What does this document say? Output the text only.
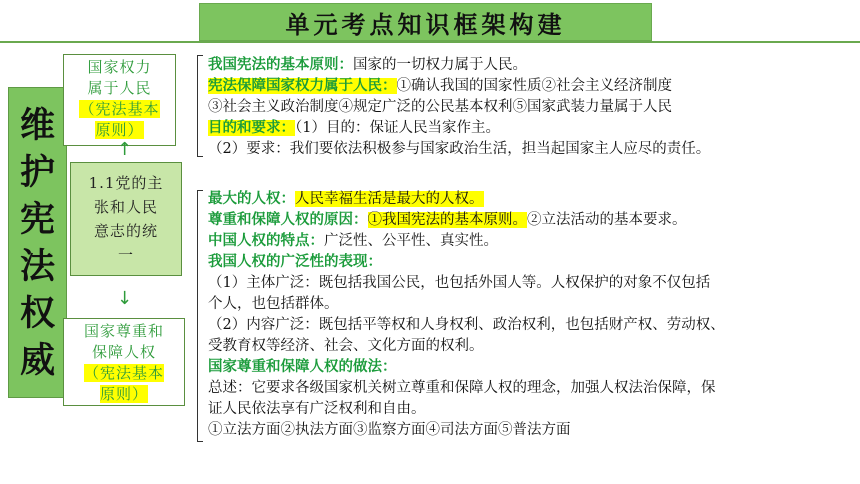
单元考点知识框架构建
维
护
宪
法
权
威
国家权力
属于人民
（宪法基本
原则）
↑
1.1党的主
张和人民
意志的统
一
↓
国家尊重和
保障人权
（宪法基本
原则）
我国宪法的基本原则：国家的一切权力属于人民。
宪法保障国家权力属于人民：①确认我国的国家性质②社会主义经济制度
③社会主义政治制度④规定广泛的公民基本权利⑤国家武装力量属于人民
目的和要求：（1）目的：保证人民当家作主。
（2）要求：我们要依法积极参与国家政治生活，担当起国家主人应尽的责任。
最大的人权：人民幸福生活是最大的人权。
尊重和保障人权的原因：①我国宪法的基本原则。②立法活动的基本要求。
中国人权的特点：广泛性、公平性、真实性。
我国人权的广泛性的表现：
（1）主体广泛：既包括我国公民，也包括外国人等。人权保护的对象不仅包括
个人，也包括群体。
（2）内容广泛：既包括平等权和人身权利、政治权利，也包括财产权、劳动权、
受教育权等经济、社会、文化方面的权利。
国家尊重和保障人权的做法：
总述：它要求各级国家机关树立尊重和保障人权的理念，加强人权法治保障，保
证人民依法享有广泛权利和自由。
①立法方面②执法方面③监察方面④司法方面⑤普法方面
